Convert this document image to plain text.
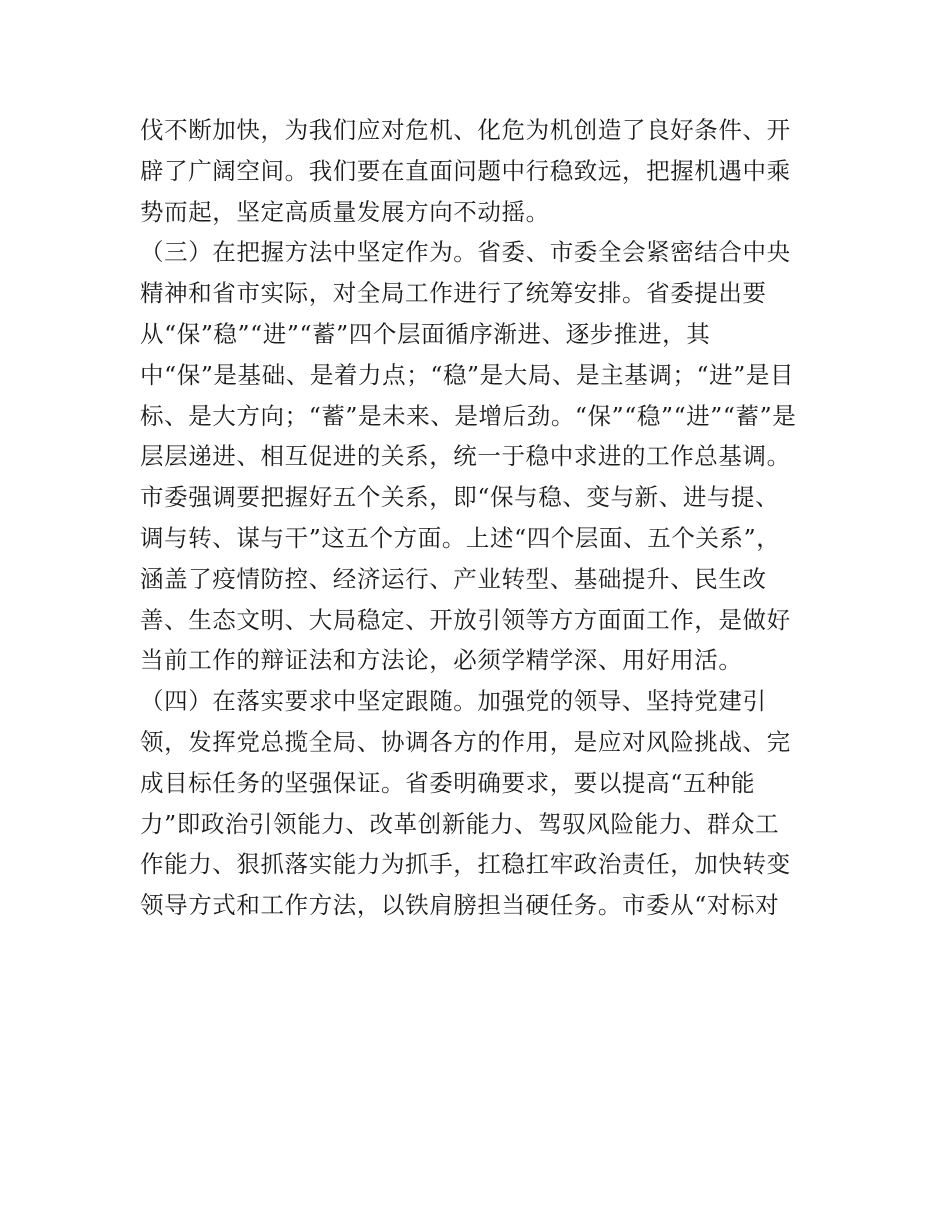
伐不断加快，为我们应对危机、化危为机创造了良好条件、开
辟了广阔空间。我们要在直面问题中行稳致远，把握机遇中乘
势而起，坚定高质量发展方向不动摇。
（三）在把握方法中坚定作为。省委、市委全会紧密结合中央
精神和省市实际，对全局工作进行了统筹安排。省委提出要
从“保”稳”“进”“蓄”四个层面循序渐进、逐步推进，其
中“保”是基础、是着力点；“稳”是大局、是主基调；“进”是目
标、是大方向；“蓄”是未来、是增后劲。“保”“稳”“进”“蓄”是
层层递进、相互促进的关系，统一于稳中求进的工作总基调。
市委强调要把握好五个关系，即“保与稳、变与新、进与提、
调与转、谋与干”这五个方面。上述“四个层面、五个关系”，
涵盖了疫情防控、经济运行、产业转型、基础提升、民生改
善、生态文明、大局稳定、开放引领等方方面面工作，是做好
当前工作的辩证法和方法论，必须学精学深、用好用活。
（四）在落实要求中坚定跟随。加强党的领导、坚持党建引
领，发挥党总揽全局、协调各方的作用，是应对风险挑战、完
成目标任务的坚强保证。省委明确要求，要以提高“五种能
力”即政治引领能力、改革创新能力、驾驭风险能力、群众工
作能力、狠抓落实能力为抓手，扛稳扛牢政治责任，加快转变
领导方式和工作方法，以铁肩膀担当硬任务。市委从“对标对
